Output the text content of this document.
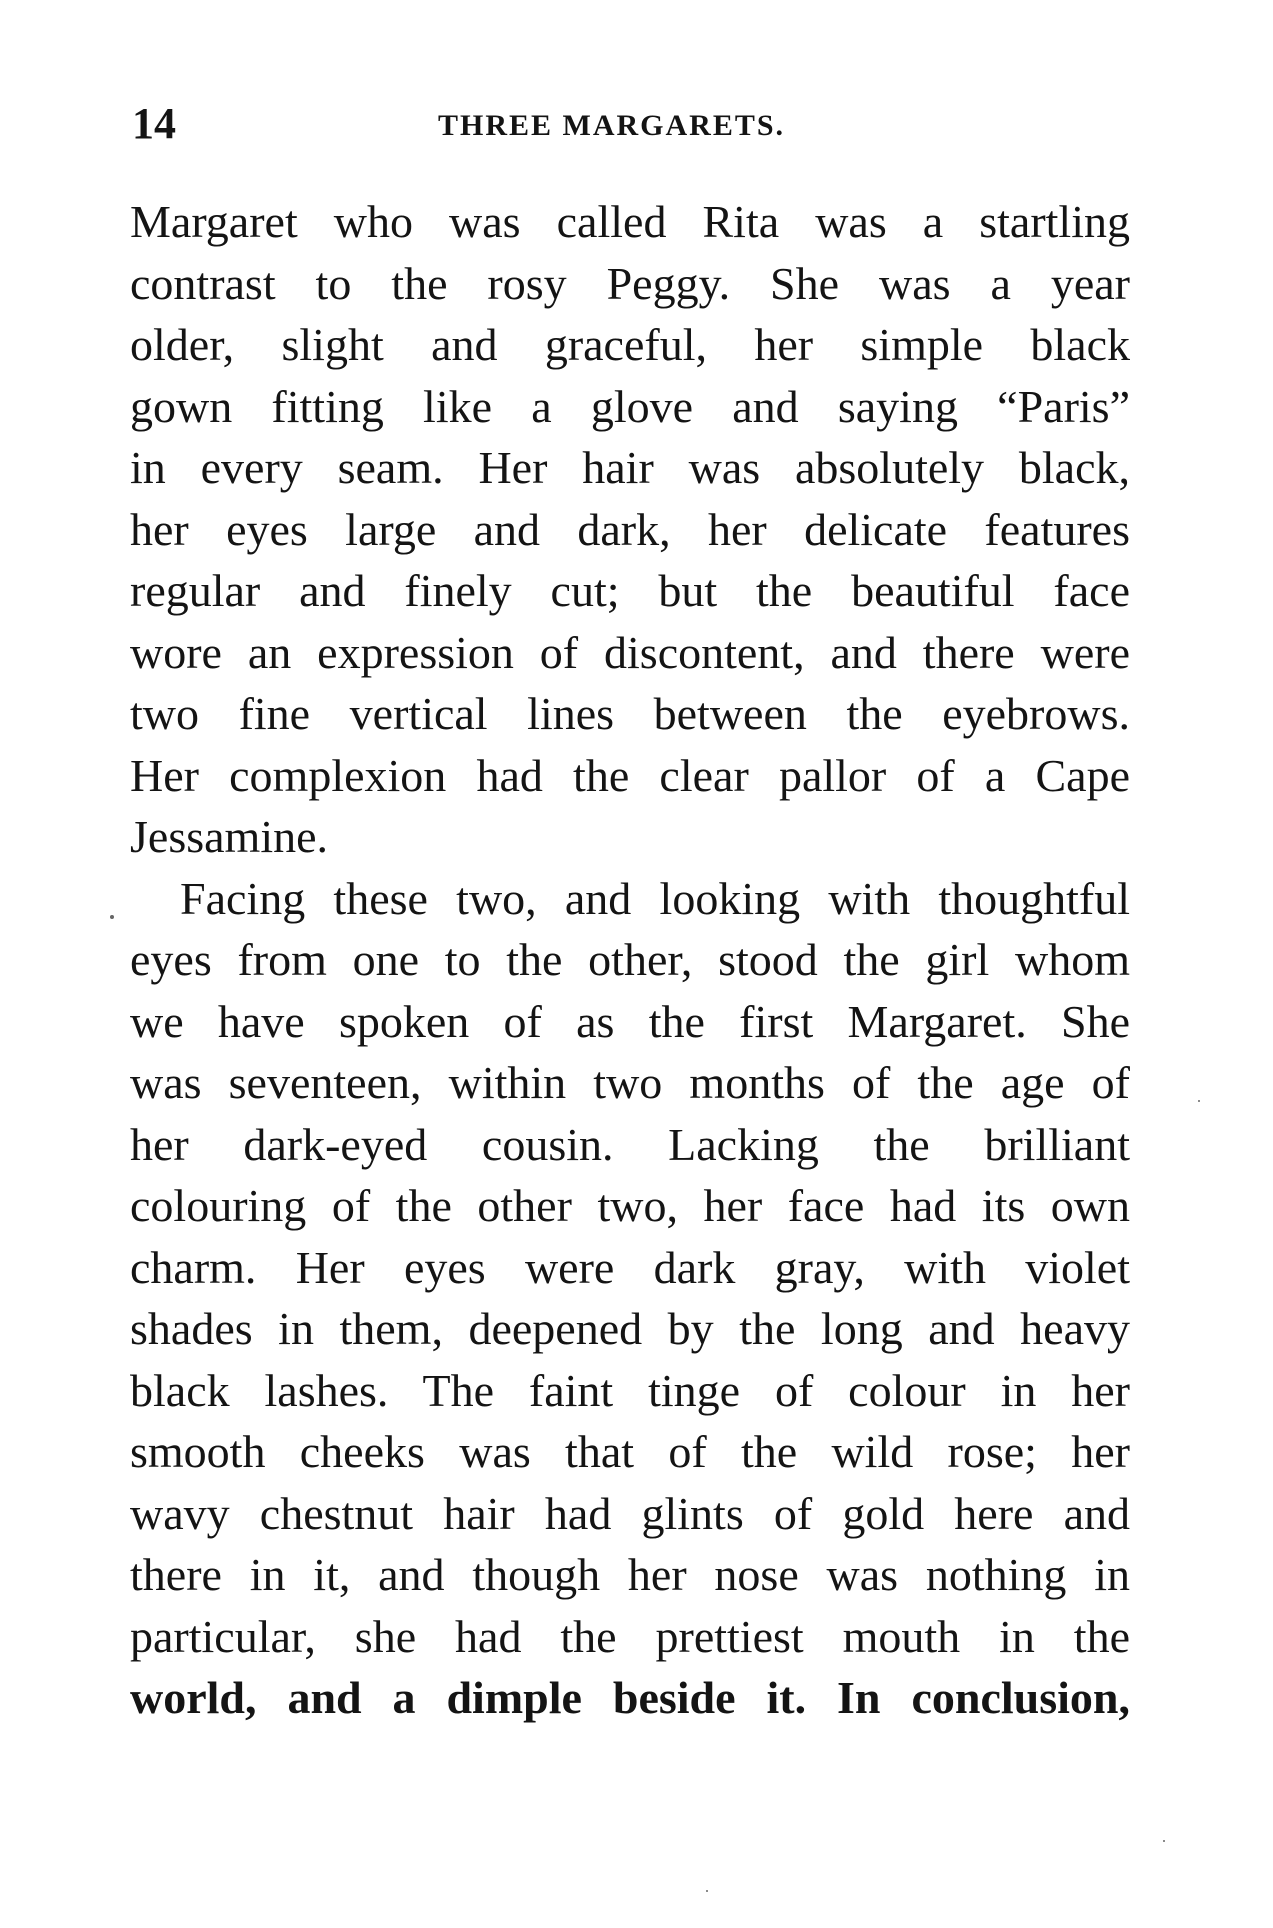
14	THREE MARGARETS.
Margaret who was called Rita was a startling
contrast to the rosy Peggy. She was a year
older, slight and graceful, her simple black
gown fitting like a glove and saying “Paris”
in every seam. Her hair was absolutely black,
her eyes large and dark, her delicate features
regular and finely cut; but the beautiful face
wore an expression of discontent, and there were
two fine vertical lines between the eyebrows.
Her complexion had the clear pallor of a Cape
Jessamine.
Facing these two, and looking with thoughtful
eyes from one to the other, stood the girl whom
we have spoken of as the first Margaret. She
was seventeen, within two months of the age of
her dark-eyed cousin. Lacking the brilliant
colouring of the other two, her face had its own
charm. Her eyes were dark gray, with violet
shades in them, deepened by the long and heavy
black lashes. The faint tinge of colour in her
smooth cheeks was that of the wild rose; her
wavy chestnut hair had glints of gold here and
there in it, and though her nose was nothing in
particular, she had the prettiest mouth in the
world, and a dimple beside it. In conclusion,
